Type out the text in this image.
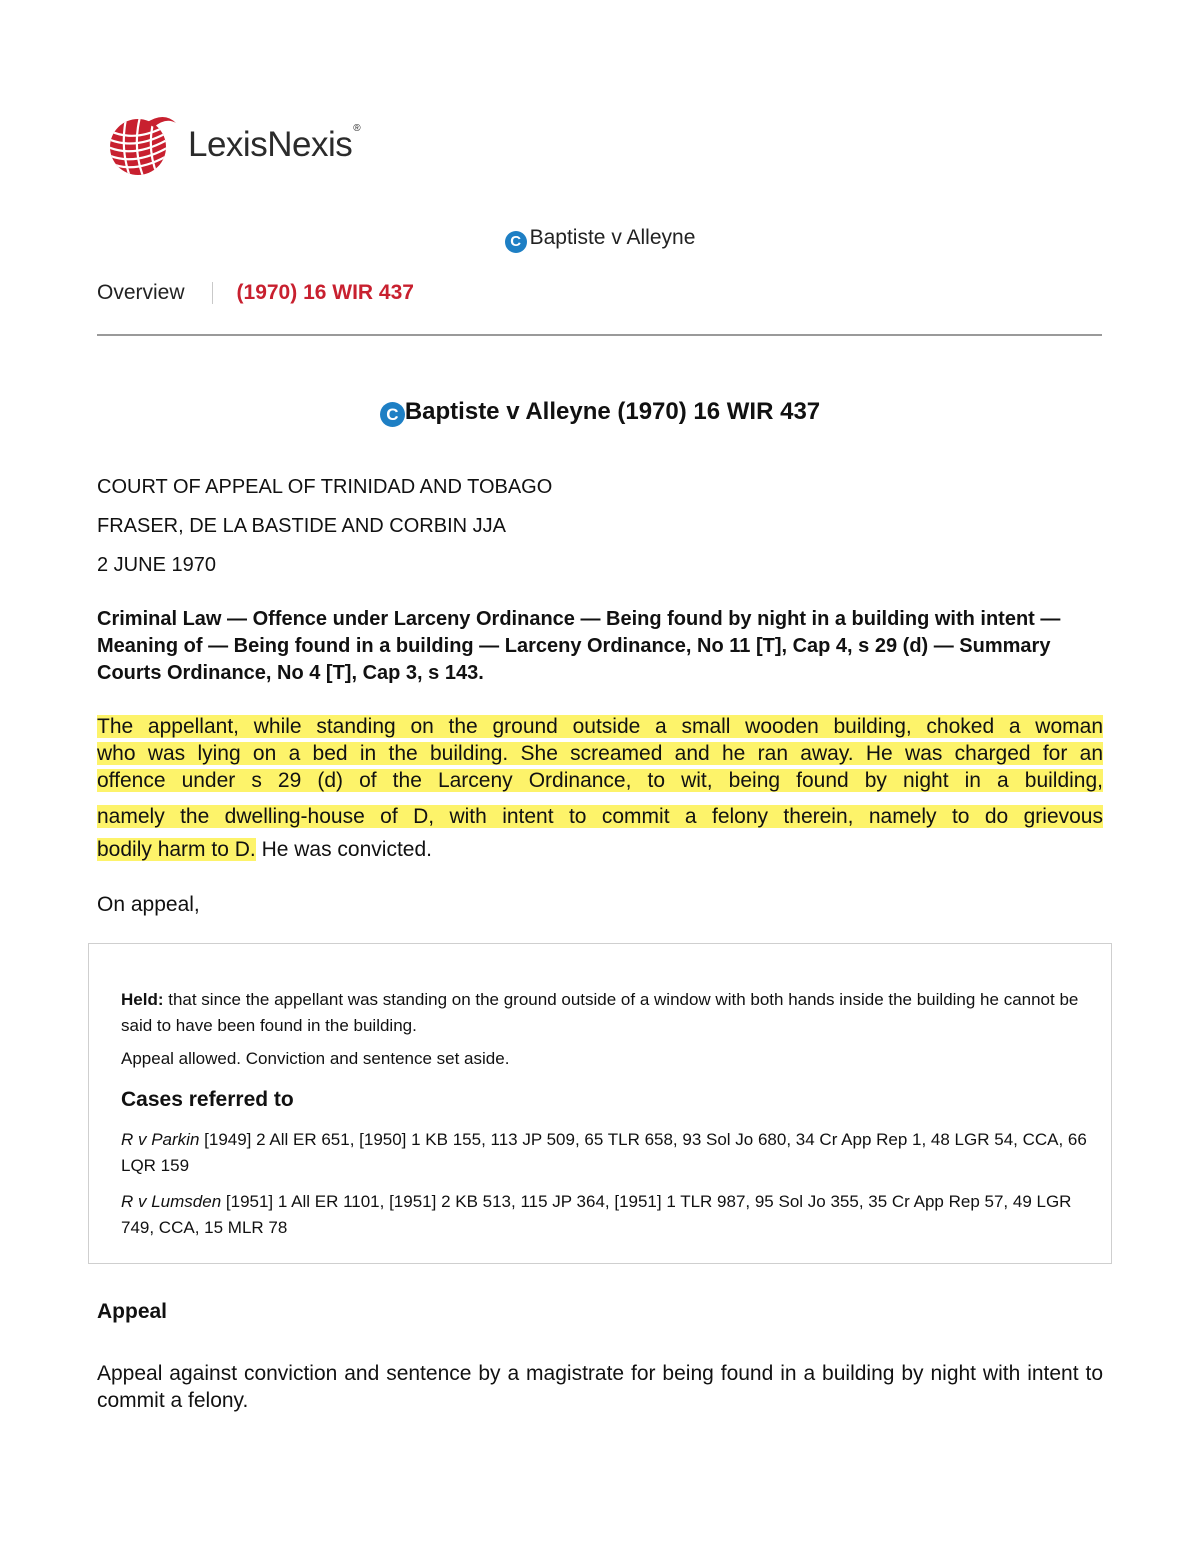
LexisNexis®
C Baptiste v Alleyne
Overview (1970) 16 WIR 437
C Baptiste v Alleyne (1970) 16 WIR 437
COURT OF APPEAL OF TRINIDAD AND TOBAGO
FRASER, DE LA BASTIDE AND CORBIN JJA
2 JUNE 1970
Criminal Law — Offence under Larceny Ordinance — Being found by night in a building with intent — Meaning of — Being found in a building — Larceny Ordinance, No 11 [T], Cap 4, s 29 (d) — Summary Courts Ordinance, No 4 [T], Cap 3, s 143.
The appellant, while standing on the ground outside a small wooden building, choked a woman
who was lying on a bed in the building. She screamed and he ran away. He was charged for an
offence under s 29 (d) of the Larceny Ordinance, to wit, being found by night in a building,
namely the dwelling-house of D, with intent to commit a felony therein, namely to do grievous
bodily harm to D. He was convicted.
On appeal,
Held: that since the appellant was standing on the ground outside of a window with both hands inside the building he cannot be said to have been found in the building.
Appeal allowed. Conviction and sentence set aside.
Cases referred to
R v Parkin [1949] 2 All ER 651, [1950] 1 KB 155, 113 JP 509, 65 TLR 658, 93 Sol Jo 680, 34 Cr App Rep 1, 48 LGR 54, CCA, 66 LQR 159
R v Lumsden [1951] 1 All ER 1101, [1951] 2 KB 513, 115 JP 364, [1951] 1 TLR 987, 95 Sol Jo 355, 35 Cr App Rep 57, 49 LGR 749, CCA, 15 MLR 78
Appeal
Appeal against conviction and sentence by a magistrate for being found in a building by night with intent to commit a felony.
